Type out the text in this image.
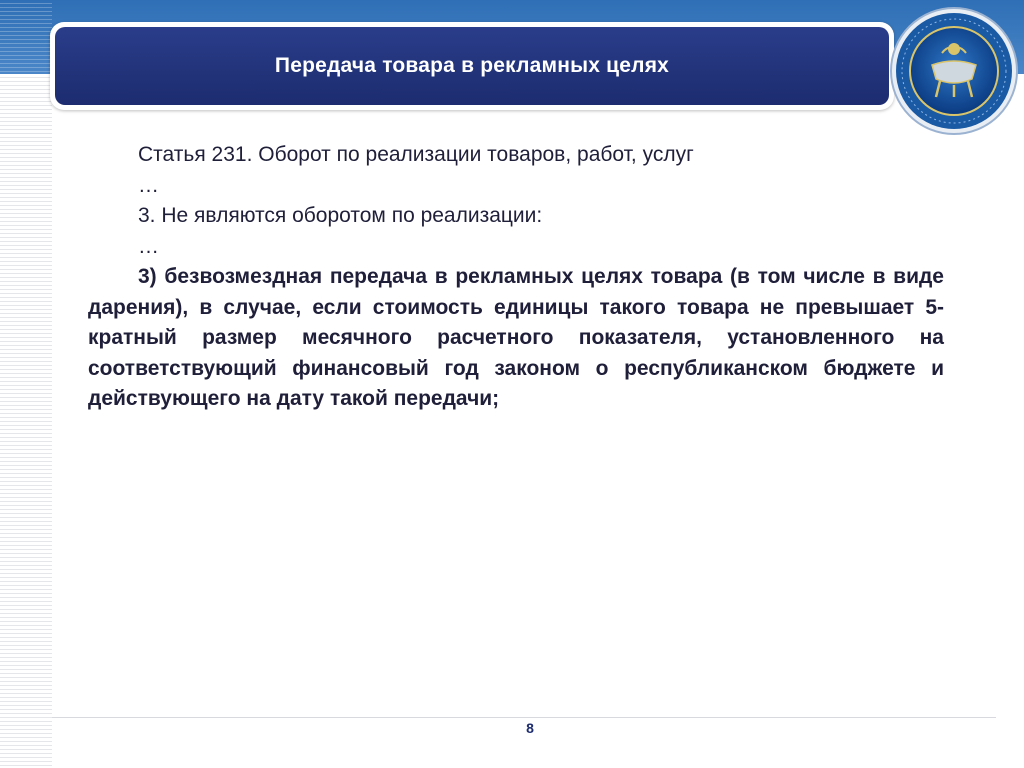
Передача товара в рекламных целях
Статья 231. Оборот по реализации товаров, работ, услуг
…
3. Не являются оборотом по реализации:
…
3) безвозмездная передача в рекламных целях товара (в том числе в виде дарения), в случае, если стоимость единицы такого товара не превышает 5-кратный размер месячного расчетного показателя, установленного на соответствующий финансовый год законом о республиканском бюджете и действующего на дату такой передачи;
8
